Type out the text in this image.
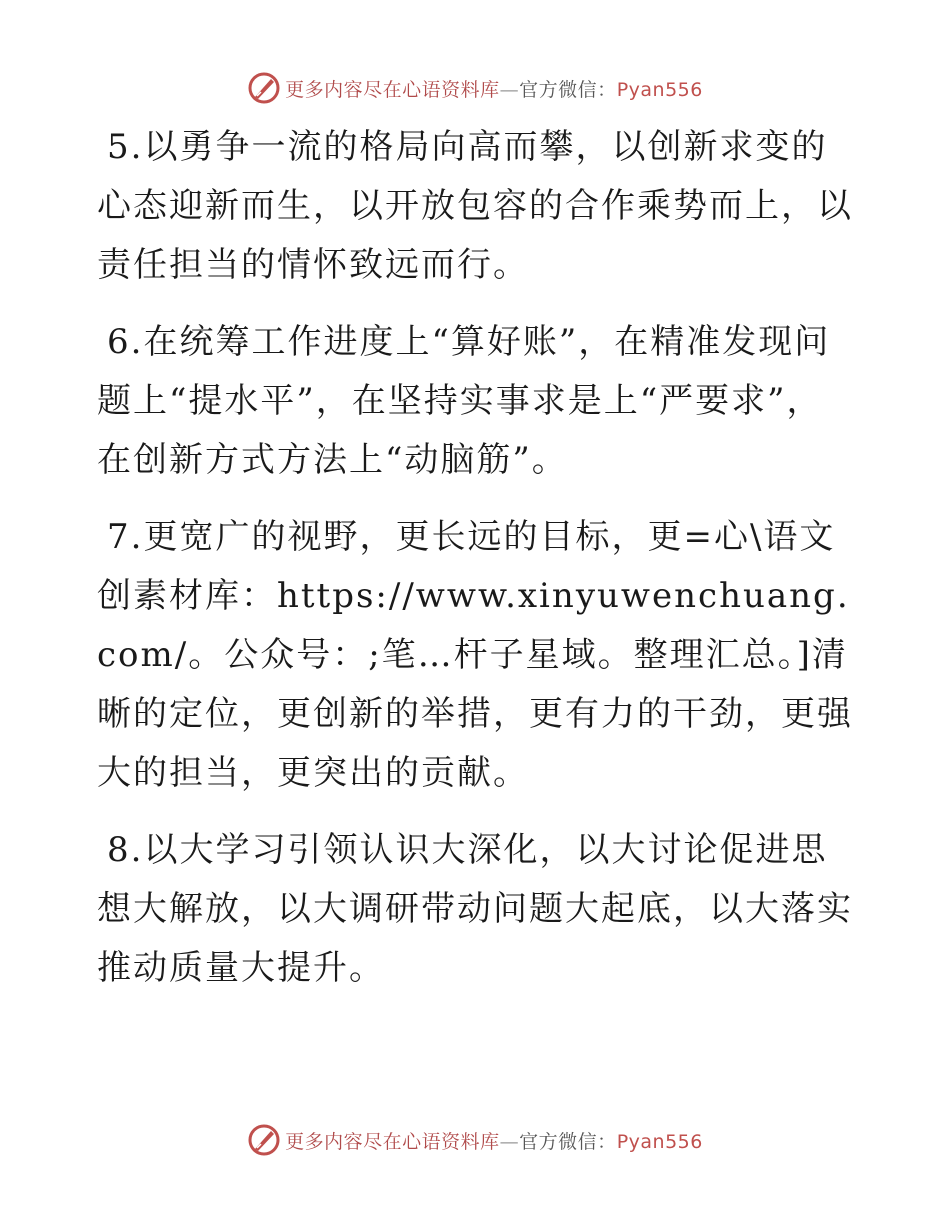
更多内容尽在心语资料库—官方微信：Pyan556

5.以勇争一流的格局向高而攀，以创新求变的心态迎新而生，以开放包容的合作乘势而上，以责任担当的情怀致远而行。

6.在统筹工作进度上“算好账”，在精准发现问题上“提水平”，在坚持实事求是上“严要求”，在创新方式方法上“动脑筋”。

7.更宽广的视野，更长远的目标，更=心\语文创素材库：https://www.xinyuwenchuang.com/。公众号：;笔…杆子星域。整理汇总。]清晰的定位，更创新的举措，更有力的干劲，更强大的担当，更突出的贡献。

8.以大学习引领认识大深化，以大讨论促进思想大解放，以大调研带动问题大起底，以大落实推动质量大提升。

更多内容尽在心语资料库—官方微信：Pyan556
